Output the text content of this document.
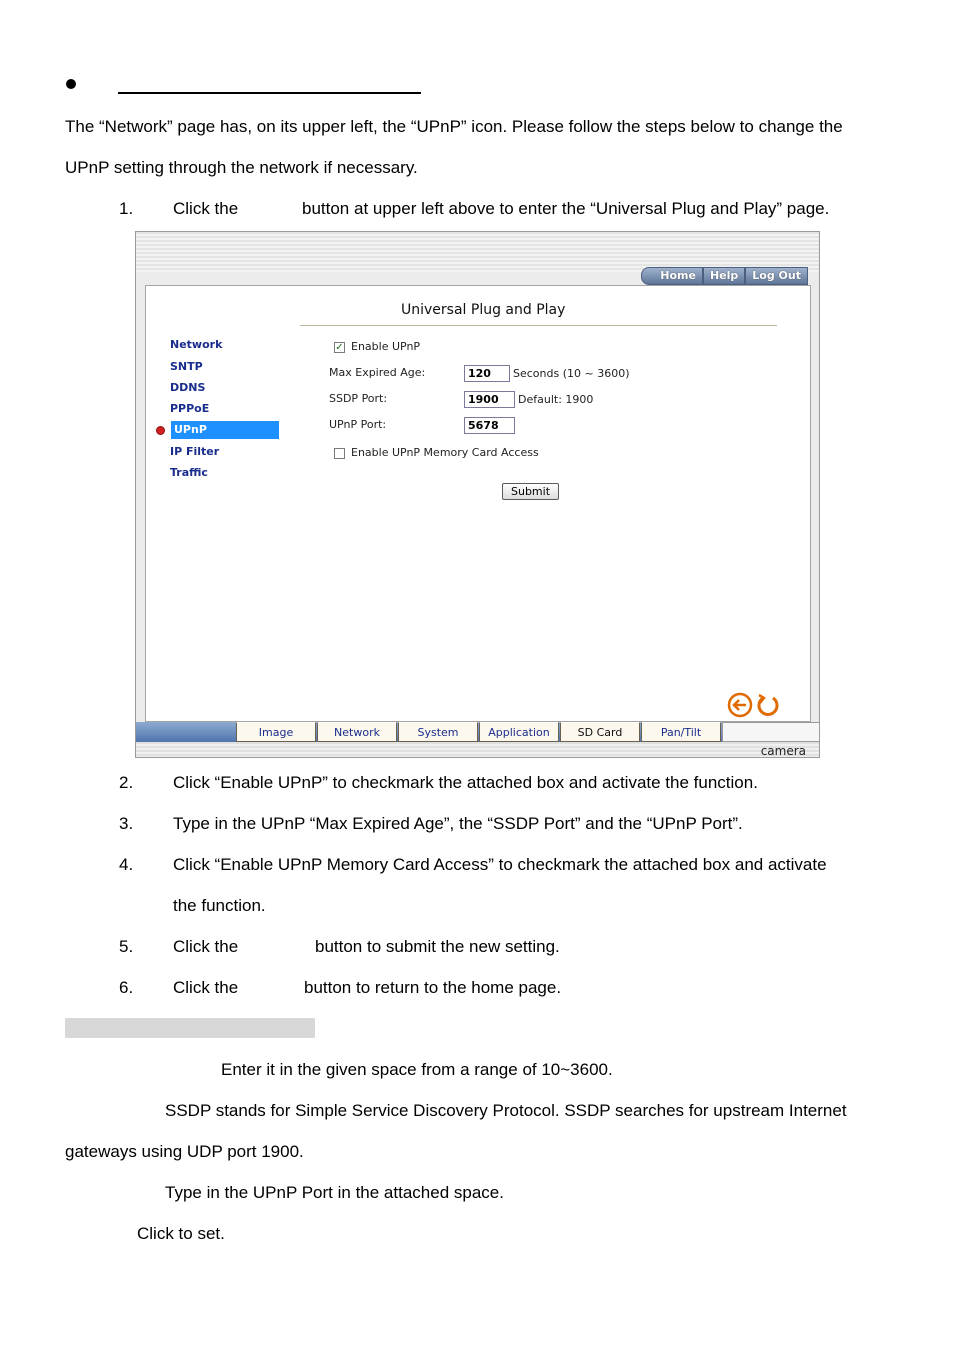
The “Network” page has, on its upper left, the “UPnP” icon. Please follow the steps below to change the
UPnP setting through the network if necessary.
1. Click the	button at upper left above to enter the “Universal Plug and Play” page.
Home	Help	Log Out
Universal Plug and Play
Network
SNTP
DDNS
PPPoE
UPnP
IP Filter
Traffic
✓ Enable UPnP
Max Expired Age:	120	Seconds (10 ~ 3600)
SSDP Port:	1900	Default: 1900
UPnP Port:	5678
Enable UPnP Memory Card Access
Submit
Image	Network	System	Application	SD Card	Pan/Tilt
camera
2. Click “Enable UPnP” to checkmark the attached box and activate the function.
3. Type in the UPnP “Max Expired Age”, the “SSDP Port” and the “UPnP Port”.
4. Click “Enable UPnP Memory Card Access” to checkmark the attached box and activate
the function.
5. Click the	button to submit the new setting.
6. Click the	button to return to the home page.
Enter it in the given space from a range of 10~3600.
SSDP stands for Simple Service Discovery Protocol. SSDP searches for upstream Internet
gateways using UDP port 1900.
Type in the UPnP Port in the attached space.
Click to set.
